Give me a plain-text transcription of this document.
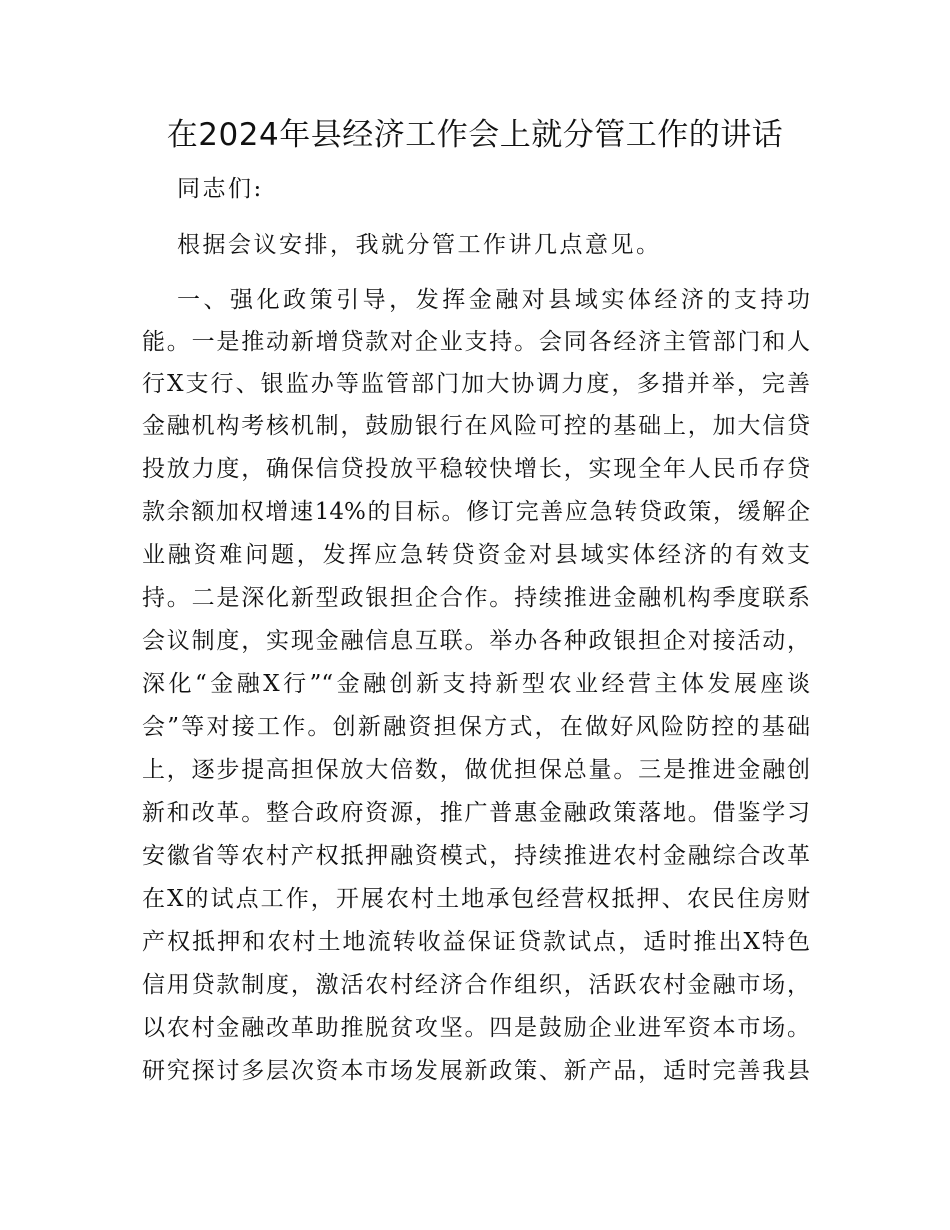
在2024年县经济工作会上就分管工作的讲话
同志们:
根据会议安排，我就分管工作讲几点意见。
一、强化政策引导，发挥金融对县域实体经济的支持功
能。一是推动新增贷款对企业支持。会同各经济主管部门和人
行X支行、银监办等监管部门加大协调力度，多措并举，完善
金融机构考核机制，鼓励银行在风险可控的基础上，加大信贷
投放力度，确保信贷投放平稳较快增长，实现全年人民币存贷
款余额加权增速14%的目标。修订完善应急转贷政策，缓解企
业融资难问题，发挥应急转贷资金对县域实体经济的有效支
持。二是深化新型政银担企合作。持续推进金融机构季度联系
会议制度，实现金融信息互联。举办各种政银担企对接活动，
深化“金融X行”“金融创新支持新型农业经营主体发展座谈
会”等对接工作。创新融资担保方式，在做好风险防控的基础
上，逐步提高担保放大倍数，做优担保总量。三是推进金融创
新和改革。整合政府资源，推广普惠金融政策落地。借鉴学习
安徽省等农村产权抵押融资模式，持续推进农村金融综合改革
在X的试点工作，开展农村土地承包经营权抵押、农民住房财
产权抵押和农村土地流转收益保证贷款试点，适时推出X特色
信用贷款制度，激活农村经济合作组织，活跃农村金融市场，
以农村金融改革助推脱贫攻坚。四是鼓励企业进军资本市场。
研究探讨多层次资本市场发展新政策、新产品，适时完善我县
